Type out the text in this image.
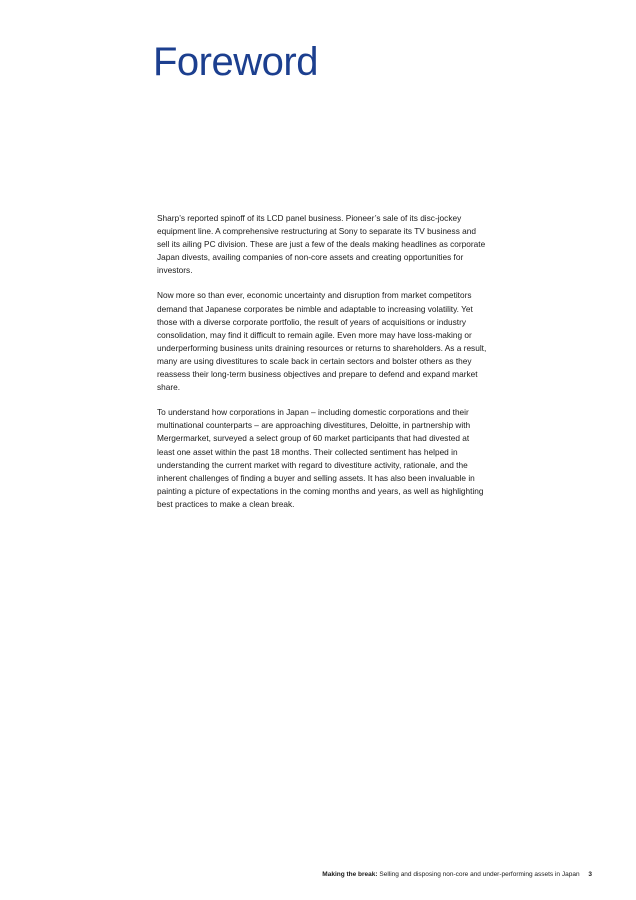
Foreword

Sharp’s reported spinoff of its LCD panel business. Pioneer’s sale of its disc-jockey equipment line. A comprehensive restructuring at Sony to separate its TV business and sell its ailing PC division. These are just a few of the deals making headlines as corporate Japan divests, availing companies of non-core assets and creating opportunities for investors.

Now more so than ever, economic uncertainty and disruption from market competitors demand that Japanese corporates be nimble and adaptable to increasing volatility. Yet those with a diverse corporate portfolio, the result of years of acquisitions or industry consolidation, may find it difficult to remain agile. Even more may have loss-making or underperforming business units draining resources or returns to shareholders. As a result, many are using divestitures to scale back in certain sectors and bolster others as they reassess their long-term business objectives and prepare to defend and expand market share.

To understand how corporations in Japan – including domestic corporations and their multinational counterparts – are approaching divestitures, Deloitte, in partnership with Mergermarket, surveyed a select group of 60 market participants that had divested at least one asset within the past 18 months. Their collected sentiment has helped in understanding the current market with regard to divestiture activity, rationale, and the inherent challenges of finding a buyer and selling assets. It has also been invaluable in painting a picture of expectations in the coming months and years, as well as highlighting best practices to make a clean break.

Making the break: Selling and disposing non-core and under-performing assets in Japan 3
